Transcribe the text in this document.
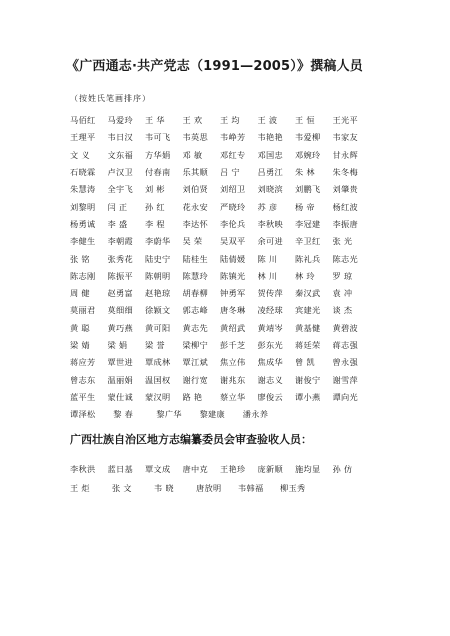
《广西通志·共产党志（1991—2005）》撰稿人员
（按姓氏笔画排序）
马佰红	马爱玲	王 华	王 欢	王 均	王 波	王 恒	王光平
王理平	韦日汉	韦可飞	韦英思	韦峥芳	韦艳艳	韦爱柳	韦家友
文 义	文东福	方华娟	邓 敏	邓红专	邓国忠	邓婉玲	甘永辉
石晓霖	卢汉卫	付春南	乐其顺	吕 宁	吕勇江	朱 林	朱冬梅
朱慧涛	全宇飞	刘 彬	刘伯贤	刘绍卫	刘晓滨	刘鹏飞	刘肇贵
刘黎明	闫 正	孙 红	花永安	严晓玲	苏 彦	杨 帝	杨红波
杨勇诚	李 盛	李 程	李达怀	李伦兵	李秋映	李冠建	李振唐
李健生	李朝霞	李蔚华	吴 荣	吴双平	余可进	辛卫红	张 光
张 铭	张秀花	陆史宁	陆桂生	陆倩媛	陈 川	陈礼兵	陈志光
陈志刚	陈振平	陈朝明	陈慧玲	陈镇光	林 川	林 玲	罗 琼
周 健	赵勇富	赵艳琼	胡春柳	钟勇军	贺传萍	秦汉武	袁 冲
莫丽君	莫细细	徐颖文	郭志峰	唐冬琳	凌经球	宾建光	谈 杰
黄 聪	黄巧燕	黄可阳	黄志先	黄绍武	黄靖岑	黄基健	黄碧波
梁 婧	梁 娟	梁 誉	梁柳宁	彭千芝	彭东光	蒋廷荣	蒋志强
蒋应芳	覃世进	覃成林	覃江斌	焦立伟	焦成华	曾 凯	曾永强
曾志东	温丽娟	温国权	谢行宽	谢兆东	谢志义	谢俊宁	谢雪萍
蓝平生	蒙仕诚	蒙汉明	路 艳	蔡立华	廖俊云	谭小燕	谭向光
谭泽松	黎 春	黎广华	黎建康	潘永养
广西壮族自治区地方志编纂委员会审查验收人员：
李秋洪	蓝日基	覃文成	唐中克	王艳珍	庞新顺	施均显	孙 仿
王 炬	张 文	韦 晓	唐放明	韦韩福	柳玉秀
